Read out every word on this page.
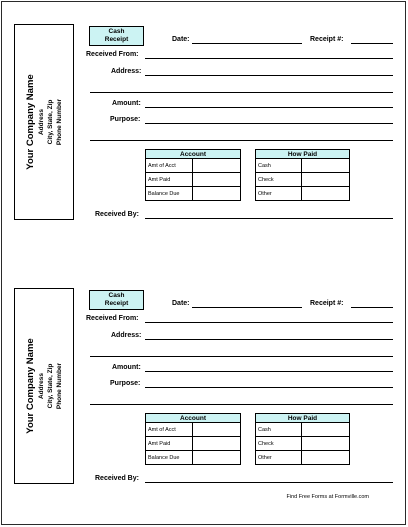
Your Company Name Address City, State, Zip Phone Number
Cash
Receipt	Date:	Receipt #:
Received From:
Address:
Amount:
Purpose:
Account	
Amt of Acct	
Amt Paid	
Balance Due	
How Paid	
Cash	
Check	
Other	
Received By:
Your Company Name Address City, State, Zip Phone Number
Cash
Receipt	Date:	Receipt #:
Received From:
Address:
Amount:
Purpose:
Account	
Amt of Acct	
Amt Paid	
Balance Due	
How Paid	
Cash	
Check	
Other	
Received By:
Find Free Forms at Formville.com
